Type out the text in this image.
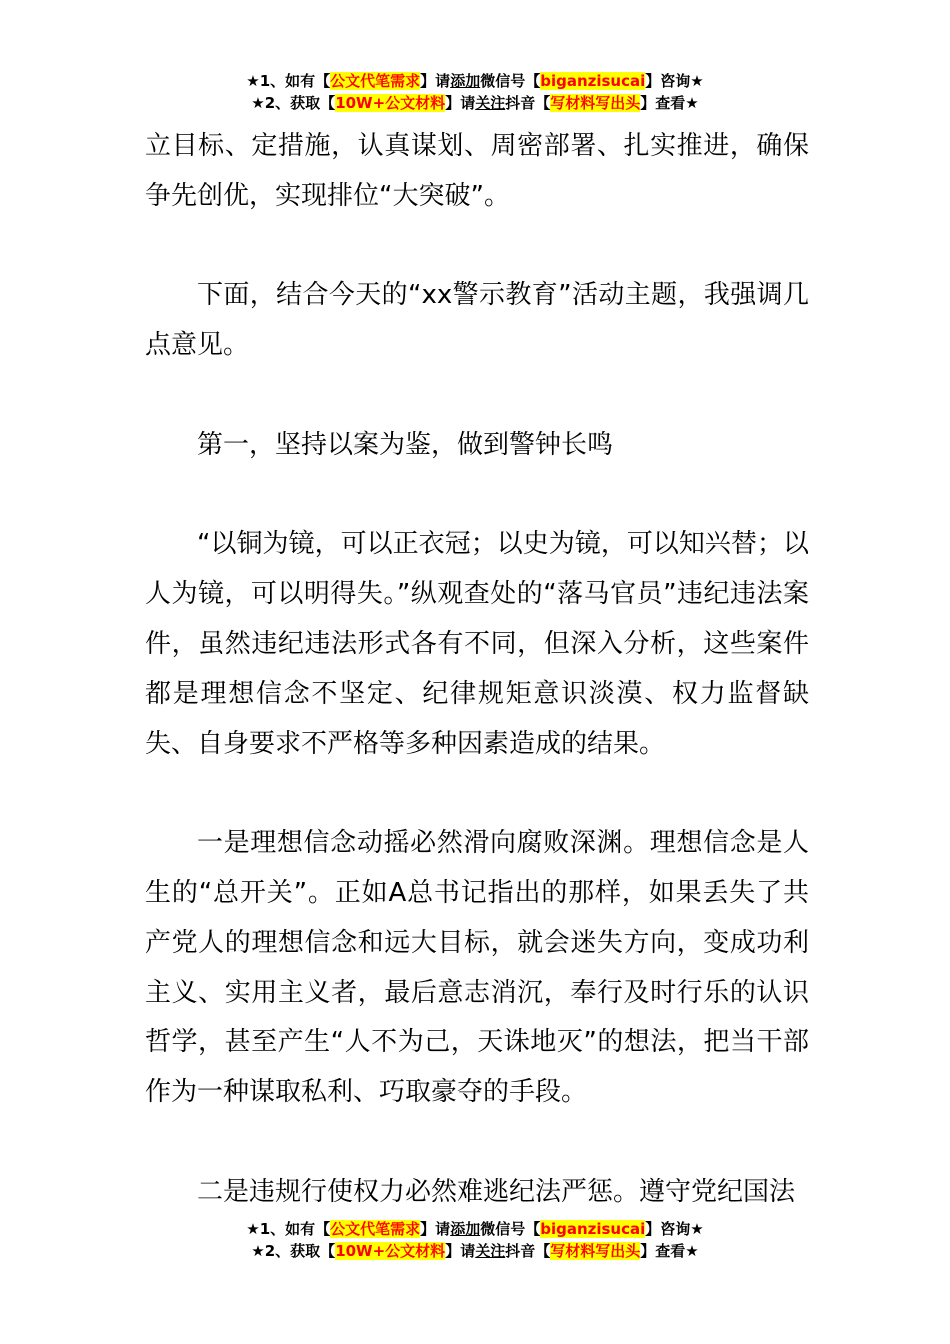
★1、如有【公文代笔需求】请添加微信号【biganzisucai】咨询★
★2、获取【10W+公文材料】请关注抖音【写材料写出头】查看★

立目标、定措施，认真谋划、周密部署、扎实推进，确保争先创优，实现排位“大突破”。

下面，结合今天的“xx警示教育”活动主题，我强调几点意见。

第一，坚持以案为鉴，做到警钟长鸣

“以铜为镜，可以正衣冠；以史为镜，可以知兴替；以人为镜，可以明得失。”纵观查处的“落马官员”违纪违法案件，虽然违纪违法形式各有不同，但深入分析，这些案件都是理想信念不坚定、纪律规矩意识淡漠、权力监督缺失、自身要求不严格等多种因素造成的结果。

一是理想信念动摇必然滑向腐败深渊。理想信念是人生的“总开关”。正如A总书记指出的那样，如果丢失了共产党人的理想信念和远大目标，就会迷失方向，变成功利主义、实用主义者，最后意志消沉，奉行及时行乐的认识哲学，甚至产生“人不为己，天诛地灭”的想法，把当干部作为一种谋取私利、巧取豪夺的手段。

二是违规行使权力必然难逃纪法严惩。遵守党纪国法

★1、如有【公文代笔需求】请添加微信号【biganzisucai】咨询★
★2、获取【10W+公文材料】请关注抖音【写材料写出头】查看★
